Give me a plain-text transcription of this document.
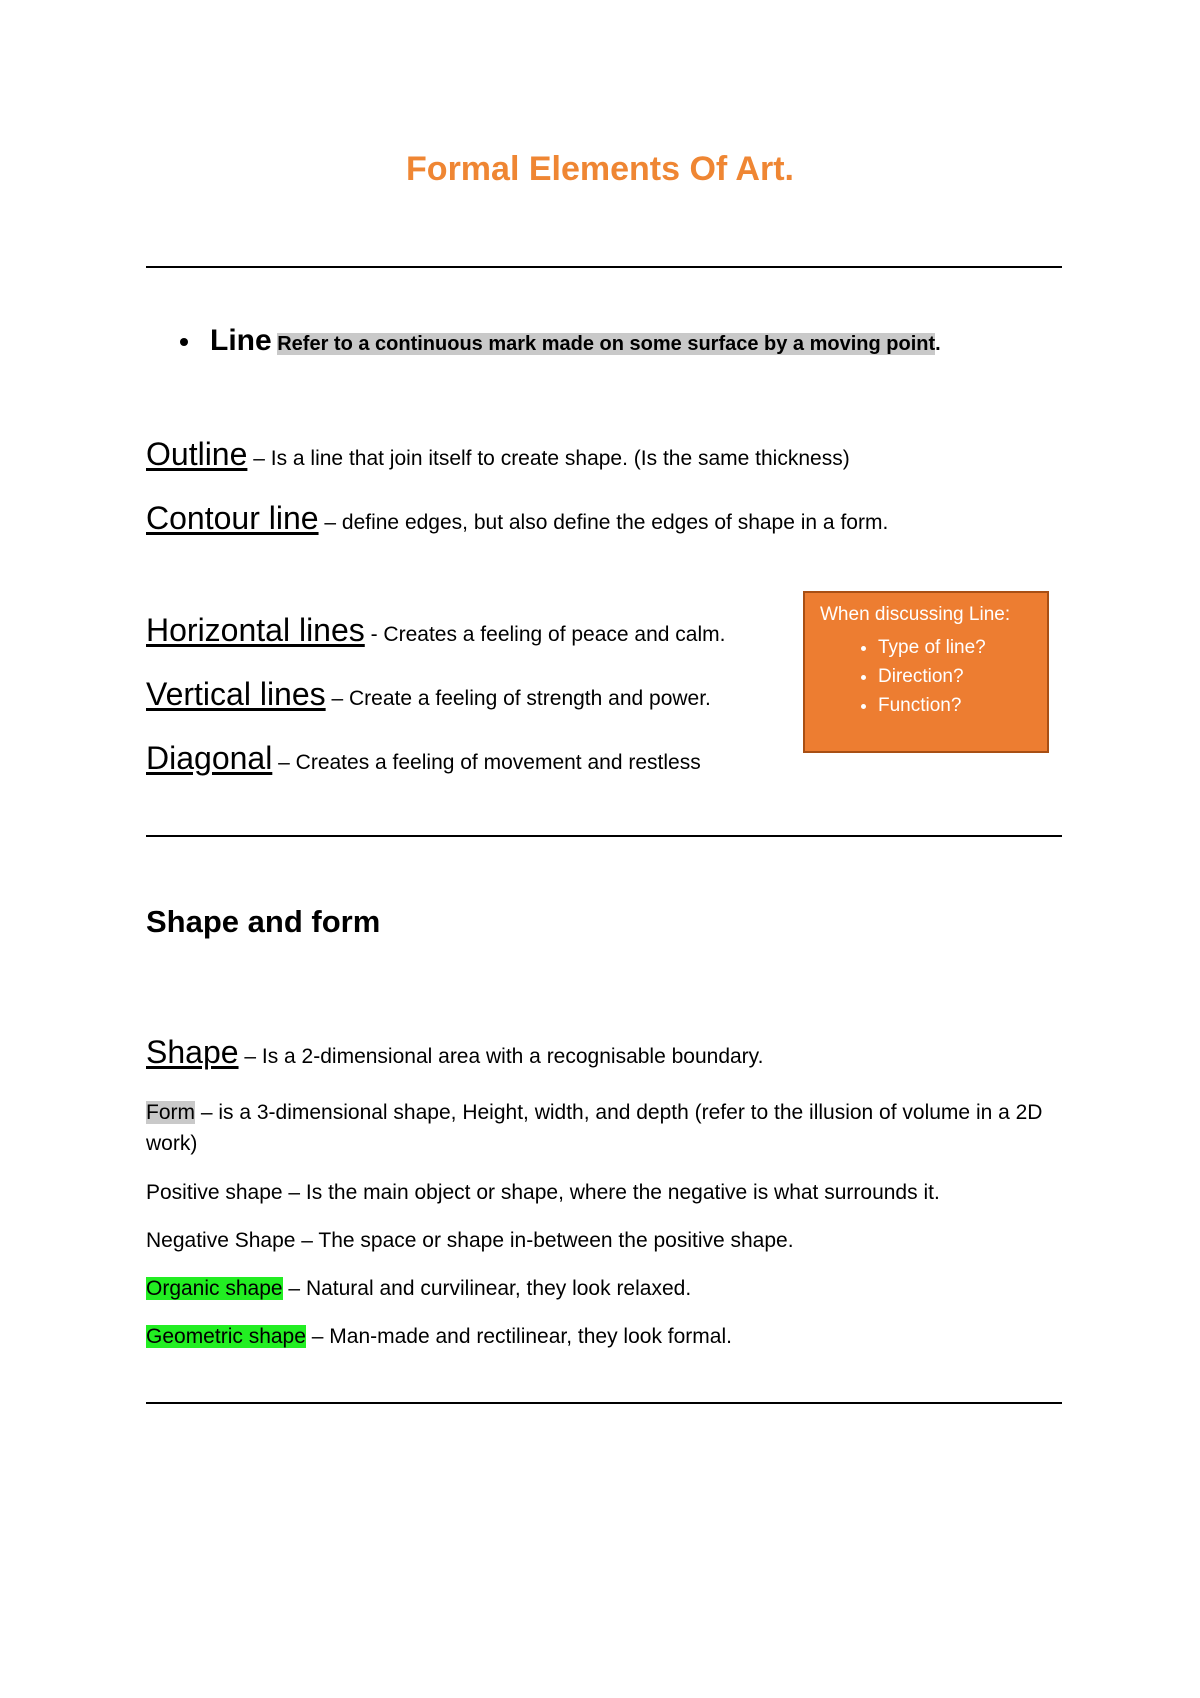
Formal Elements Of Art.
Line Refer to a continuous mark made on some surface by a moving point.
Outline – Is a line that join itself to create shape. (Is the same thickness)
Contour line – define edges, but also define the edges of shape in a form.
Horizontal lines - Creates a feeling of peace and calm.
Vertical lines – Create a feeling of strength and power.
Diagonal – Creates a feeling of movement and restless
When discussing Line:
• Type of line?
• Direction?
• Function?
Shape and form
Shape – Is a 2-dimensional area with a recognisable boundary.
Form – is a 3-dimensional shape, Height, width, and depth (refer to the illusion of volume in a 2D work)
Positive shape – Is the main object or shape, where the negative is what surrounds it.
Negative Shape – The space or shape in-between the positive shape.
Organic shape – Natural and curvilinear, they look relaxed.
Geometric shape – Man-made and rectilinear, they look formal.
